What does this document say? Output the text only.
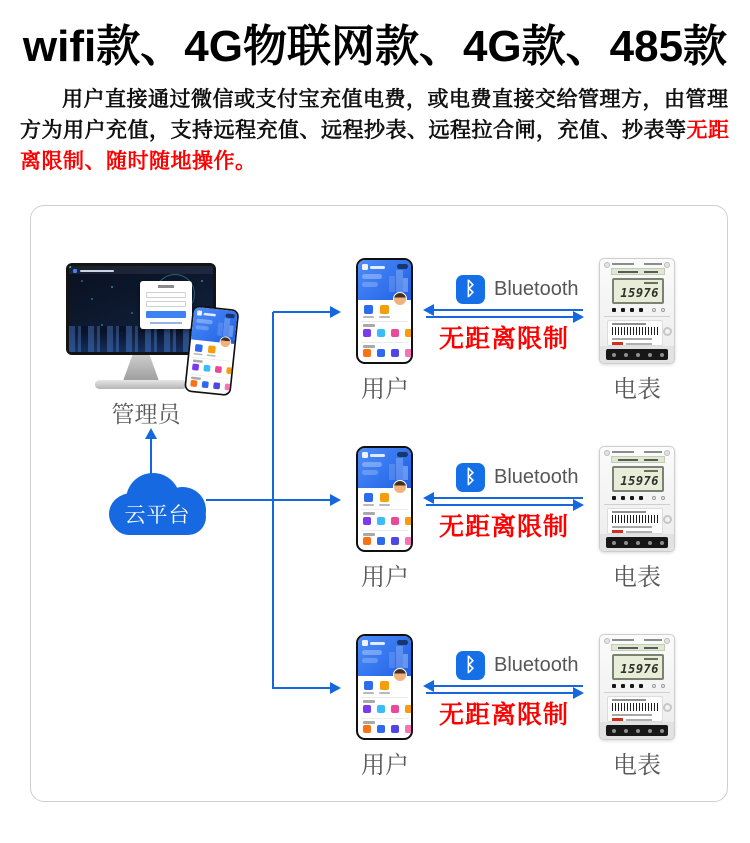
wifi款、4G物联网款、4G款、485款

用户直接通过微信或支付宝充值电费，或电费直接交给管理方，由管理方为用户充值，支持远程充值、远程抄表、远程拉合闸，充值、抄表等无距离限制、随时随地操作。

管理员
云平台
用户
ᛒ Bluetooth
无距离限制
15976
电表
用户
ᛒ Bluetooth
无距离限制
15976
电表
用户
ᛒ Bluetooth
无距离限制
15976
电表
